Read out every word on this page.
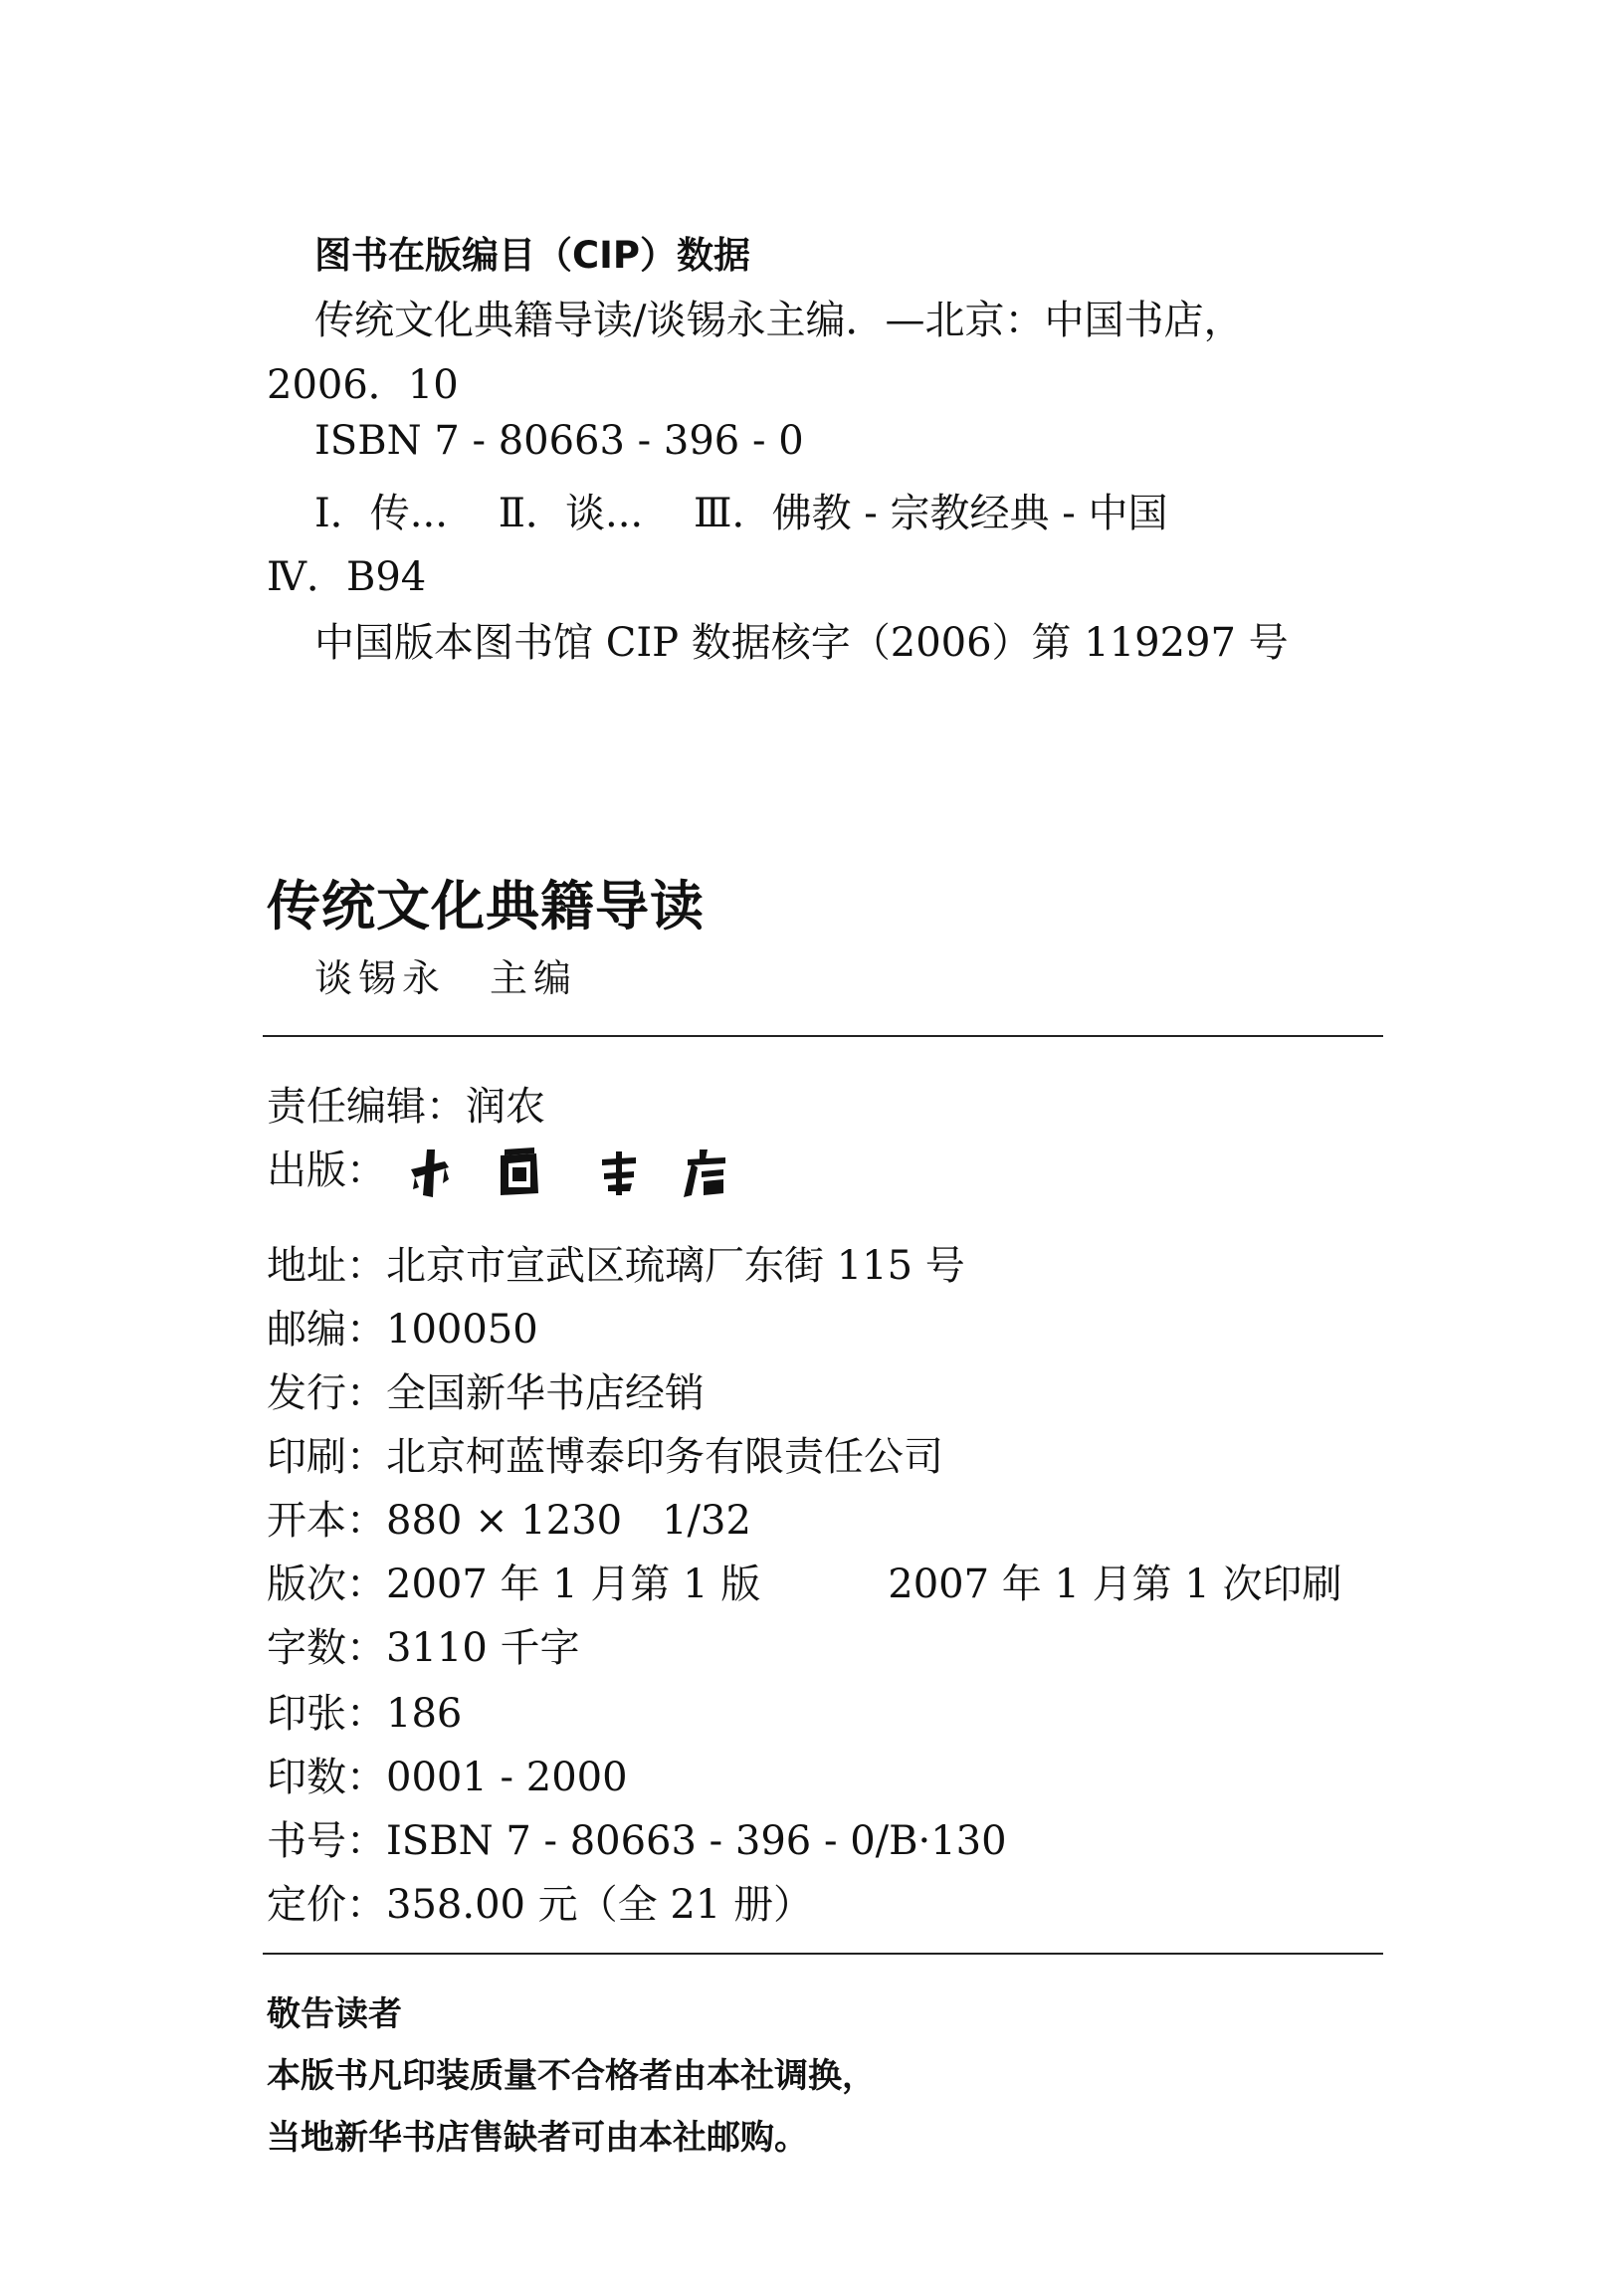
图书在版编目（CIP）数据
传统文化典籍导读/谈锡永主编．—北京：中国书店，
2006．10
ISBN 7 - 80663 - 396 - 0
Ⅰ．传...    Ⅱ．谈...    Ⅲ．佛教 - 宗教经典 - 中国
Ⅳ．B94
中国版本图书馆 CIP 数据核字（2006）第 119297 号
传统文化典籍导读
谈锡永　主编
责任编辑：润农
出版：
地址：北京市宣武区琉璃厂东街 115 号
邮编：100050
发行：全国新华书店经销
印刷：北京柯蓝博泰印务有限责任公司
开本：880 × 1230　1/32
版次：2007 年 1 月第 1 版	2007 年 1 月第 1 次印刷
字数：3110 千字
印张：186
印数：0001 - 2000
书号：ISBN 7 - 80663 - 396 - 0/B·130
定价：358.00 元（全 21 册）
敬告读者
本版书凡印装质量不合格者由本社调换，
当地新华书店售缺者可由本社邮购。
